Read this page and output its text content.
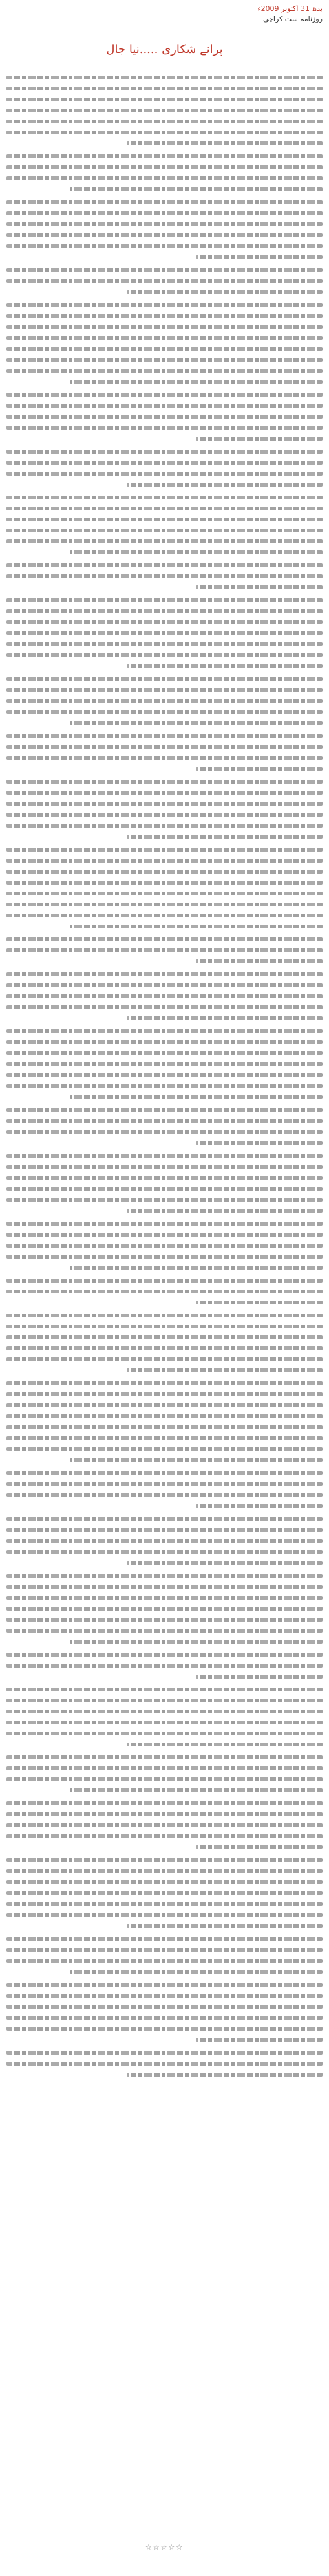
بدھ 31 اکتوبر 2009ء
روزنامہ ست کراچی
پرانے شکاری .....نیا جال
☆☆☆☆☆
